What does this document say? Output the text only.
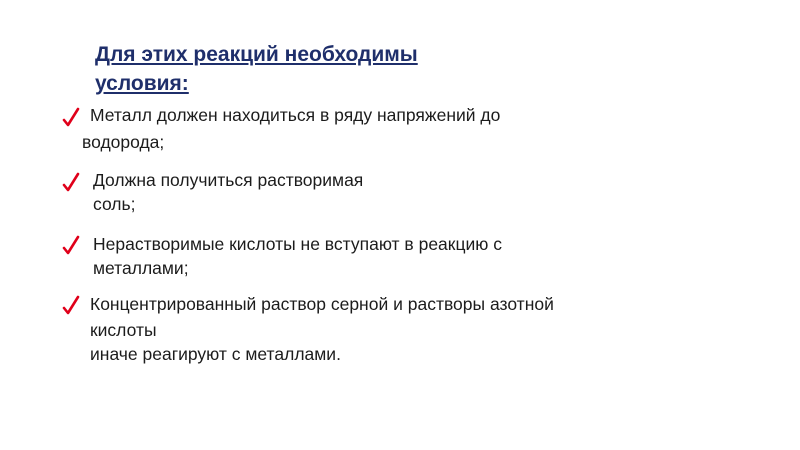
Для этих реакций необходимы
условия:
Металл должен находиться в ряду напряжений до
водорода;
Должна получиться растворимая
соль;
Нерастворимые кислоты не вступают в реакцию с
металлами;
Концентрированный раствор серной и растворы азотной
кислоты
иначе реагируют с металлами.
